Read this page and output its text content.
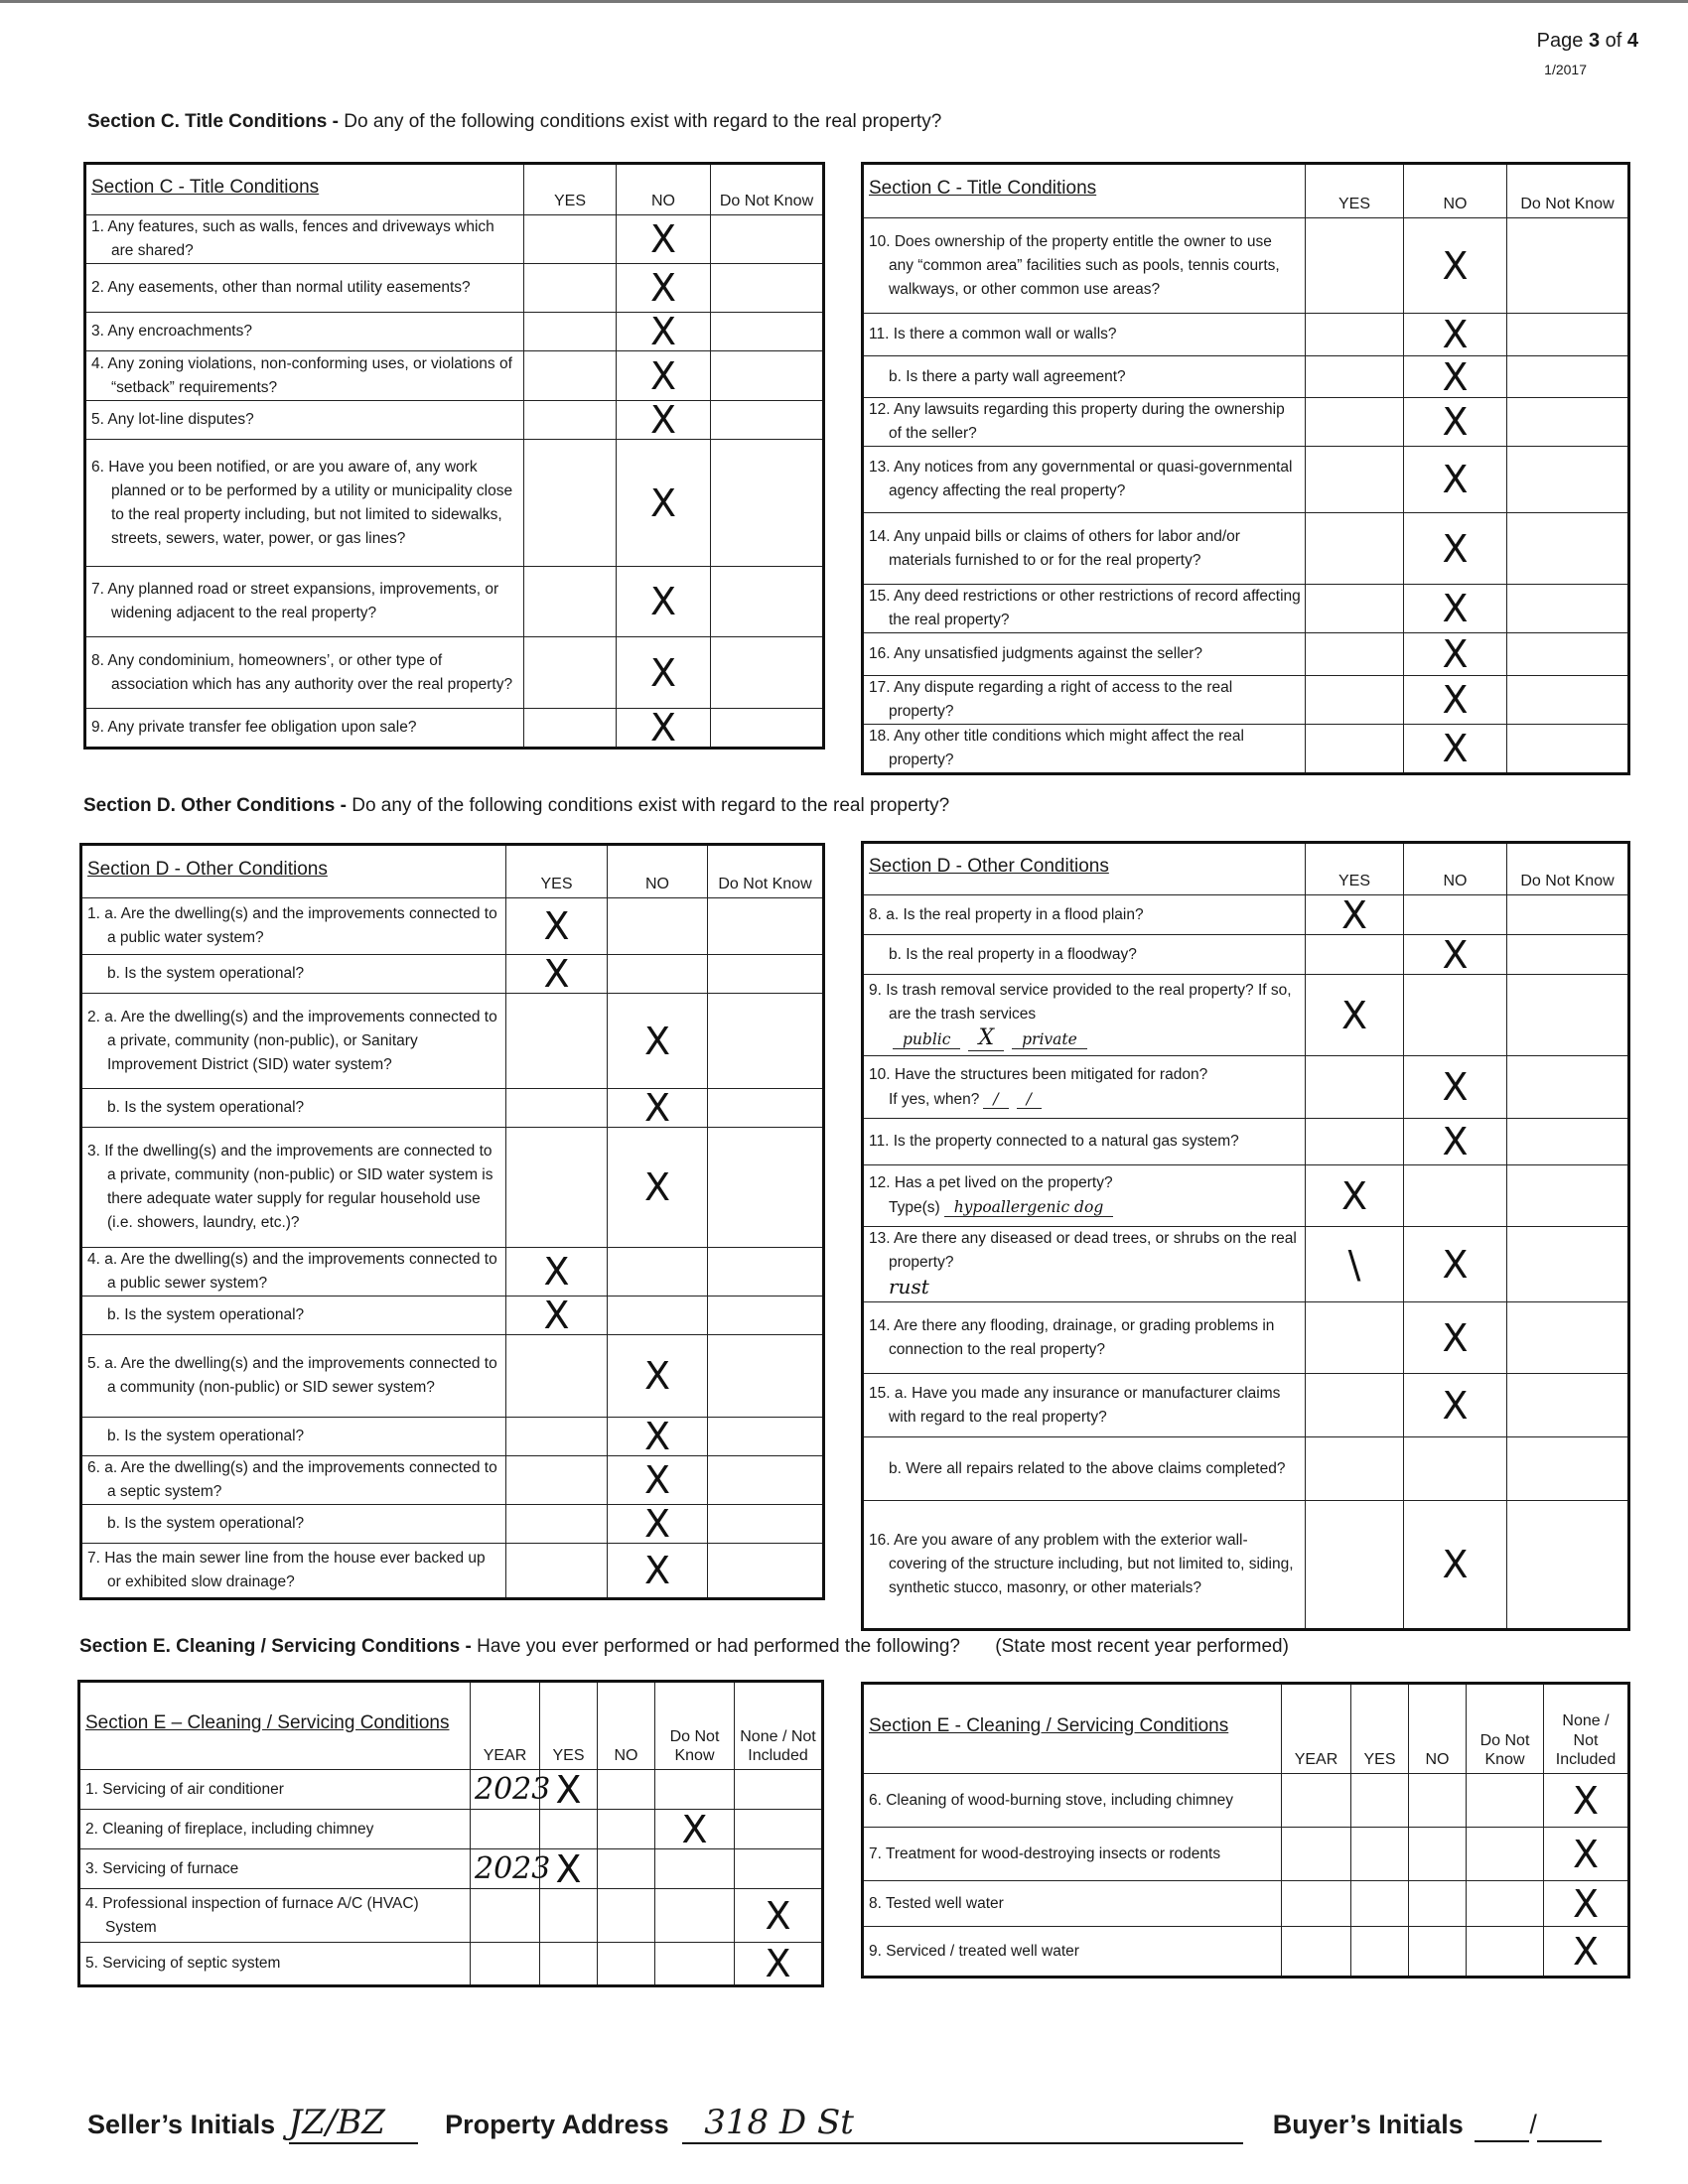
Page 3 of 4
1/2017
Section C. Title Conditions - Do any of the following conditions exist with regard to the real property?
Section C - Title Conditions	YES	NO	Do Not Know

1. Any features, such as walls, fences and driveways which are shared?		X	

2. Any easements, other than normal utility easements?		X	

3. Any encroachments?		X	

4. Any zoning violations, non-conforming uses, or violations of “setback” requirements?		X	

5. Any lot-line disputes?		X	

6. Have you been notified, or are you aware of, any work planned or to be performed by a utility or municipality close to the real property including, but not limited to sidewalks, streets, sewers, water, power, or gas lines?		X	

7. Any planned road or street expansions, improvements, or widening adjacent to the real property?		X	

8. Any condominium, homeowners’, or other type of association which has any authority over the real property?		X	

9. Any private transfer fee obligation upon sale?		X	
Section C - Title Conditions	YES	NO	Do Not Know

10. Does ownership of the property entitle the owner to use any “common area” facilities such as pools, tennis courts, walkways, or other common use areas?		X	

11. Is there a common wall or walls?		X	

b. Is there a party wall agreement?		X	

12. Any lawsuits regarding this property during the ownership of the seller?		X	

13. Any notices from any governmental or quasi-governmental agency affecting the real property?		X	

14. Any unpaid bills or claims of others for labor and/or materials furnished to or for the real property?		X	

15. Any deed restrictions or other restrictions of record affecting the real property?		X	

16. Any unsatisfied judgments against the seller?		X	

17. Any dispute regarding a right of access to the real property?		X	

18. Any other title conditions which might affect the real property?		X	
Section D. Other Conditions - Do any of the following conditions exist with regard to the real property?
Section D - Other Conditions	YES	NO	Do Not Know

1. a. Are the dwelling(s) and the improvements connected to a public water system?	X		

b. Is the system operational?	X		

2. a. Are the dwelling(s) and the improvements connected to a private, community (non-public), or Sanitary Improvement District (SID) water system?		X	

b. Is the system operational?		X	

3. If the dwelling(s) and the improvements are connected to a private, community (non-public) or SID water system is there adequate water supply for regular household use (i.e. showers, laundry, etc.)?		X	

4. a. Are the dwelling(s) and the improvements connected to a public sewer system?	X		

b. Is the system operational?	X		

5. a. Are the dwelling(s) and the improvements connected to a community (non-public) or SID sewer system?		X	

b. Is the system operational?		X	

6. a. Are the dwelling(s) and the improvements connected to a septic system?		X	

b. Is the system operational?		X	

7. Has the main sewer line from the house ever backed up or exhibited slow drainage?		X	
Section D - Other Conditions	YES	NO	Do Not Know

8. a. Is the real property in a flood plain?	X		

b. Is the real property in a floodway?		X	

9. Is trash removal service provided to the real property? If so, are the trash services
public X private	X		

10. Have the structures been mitigated for radon?
If yes, when? / /		X	

11. Is the property connected to a natural gas system?		X	

12. Has a pet lived on the property?
Type(s) hypoallergenic dog	X		

13. Are there any diseased or dead trees, or shrubs on the real property?
rust	\	X	

14. Are there any flooding, drainage, or grading problems in connection to the real property?		X	

15. a. Have you made any insurance or manufacturer claims with regard to the real property?		X	

b. Were all repairs related to the above claims completed?			

16. Are you aware of any problem with the exterior wall-covering of the structure including, but not limited to, siding, synthetic stucco, masonry, or other materials?		X	
Section E. Cleaning / Servicing Conditions - Have you ever performed or had performed the following? (State most recent year performed)
Section E – Cleaning / Servicing Conditions	YEAR	YES	NO	Do Not Know	None / Not Included

1. Servicing of air conditioner	2023	X			

2. Cleaning of fireplace, including chimney				X	

3. Servicing of furnace	2023	X			

4. Professional inspection of furnace A/C (HVAC) System					X

5. Servicing of septic system					X
Section E - Cleaning / Servicing Conditions	YEAR	YES	NO	Do Not Know	None / Not Included

6. Cleaning of wood-burning stove, including chimney					X

7. Treatment for wood-destroying insects or rodents					X

8. Tested well water					X

9. Serviced / treated well water					X
Seller’s Initials JZ/BZ Property Address 318 D St	Buyer’s Initials /
